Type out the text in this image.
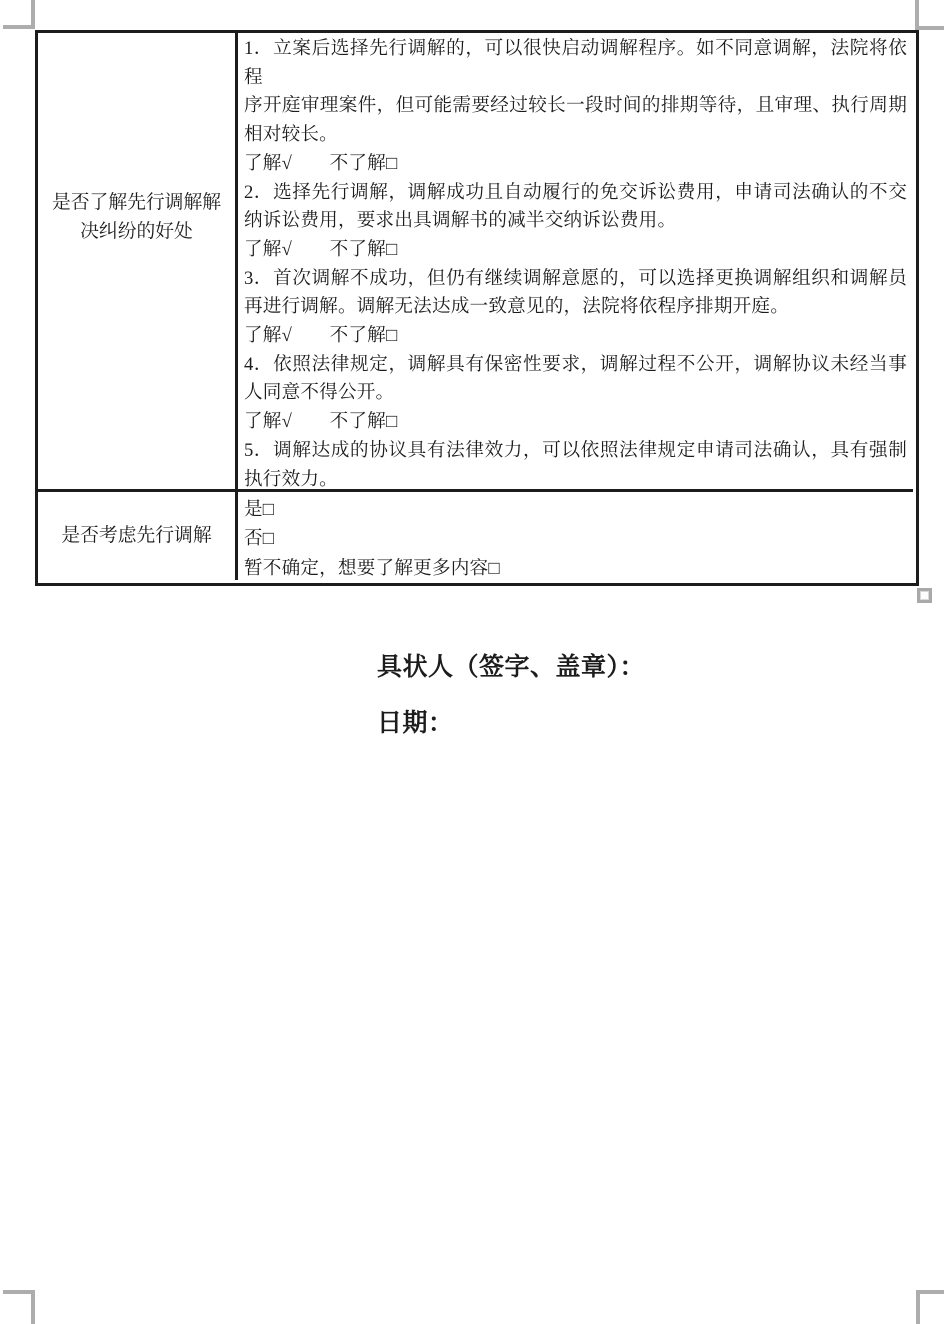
是否了解先行调解解
决纠纷的好处
1．立案后选择先行调解的，可以很快启动调解程序。如不同意调解，法院将依程
序开庭审理案件，但可能需要经过较长一段时间的排期等待，且审理、执行周期
相对较长。
了解√　　不了解□
2．选择先行调解，调解成功且自动履行的免交诉讼费用，申请司法确认的不交
纳诉讼费用，要求出具调解书的减半交纳诉讼费用。
了解√　　不了解□
3．首次调解不成功，但仍有继续调解意愿的，可以选择更换调解组织和调解员
再进行调解。调解无法达成一致意见的，法院将依程序排期开庭。
了解√　　不了解□
4．依照法律规定，调解具有保密性要求，调解过程不公开，调解协议未经当事
人同意不得公开。
了解√　　不了解□
5．调解达成的协议具有法律效力，可以依照法律规定申请司法确认，具有强制
执行效力。
是否考虑先行调解
是□
否□
暂不确定，想要了解更多内容□
具状人（签字、盖章）：
日期：
